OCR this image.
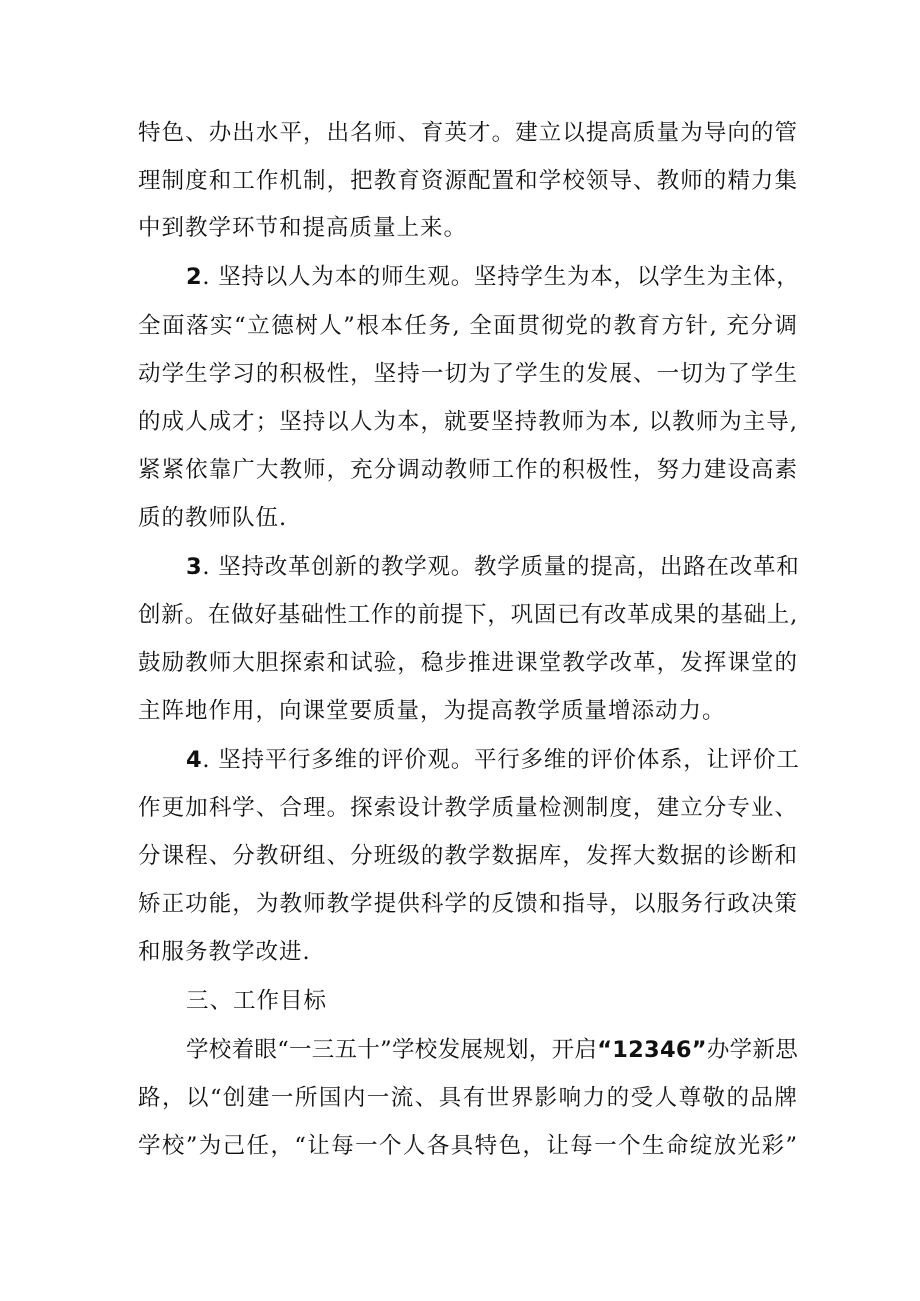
特色、办出水平，出名师、育英才。建立以提高质量为导向的管
理制度和工作机制，把教育资源配置和学校领导、教师的精力集
中到教学环节和提高质量上来。
2. 坚持以人为本的师生观。坚持学生为本，以学生为主体，
全面落实“立德树人”根本任务, 全面贯彻党的教育方针, 充分调
动学生学习的积极性，坚持一切为了学生的发展、一切为了学生
的成人成才；坚持以人为本，就要坚持教师为本, 以教师为主导,
紧紧依靠广大教师，充分调动教师工作的积极性，努力建设高素
质的教师队伍.
3. 坚持改革创新的教学观。教学质量的提高，出路在改革和
创新。在做好基础性工作的前提下，巩固已有改革成果的基础上,
鼓励教师大胆探索和试验，稳步推进课堂教学改革，发挥课堂的
主阵地作用，向课堂要质量，为提高教学质量增添动力。
4. 坚持平行多维的评价观。平行多维的评价体系，让评价工
作更加科学、合理。探索设计教学质量检测制度，建立分专业、
分课程、分教研组、分班级的教学数据库，发挥大数据的诊断和
矫正功能，为教师教学提供科学的反馈和指导，以服务行政决策
和服务教学改进.
三、工作目标
学校着眼“一三五十”学校发展规划，开启“12346”办学新思
路，以“创建一所国内一流、具有世界影响力的受人尊敬的品牌
学校”为己任，“让每一个人各具特色，让每一个生命绽放光彩”
